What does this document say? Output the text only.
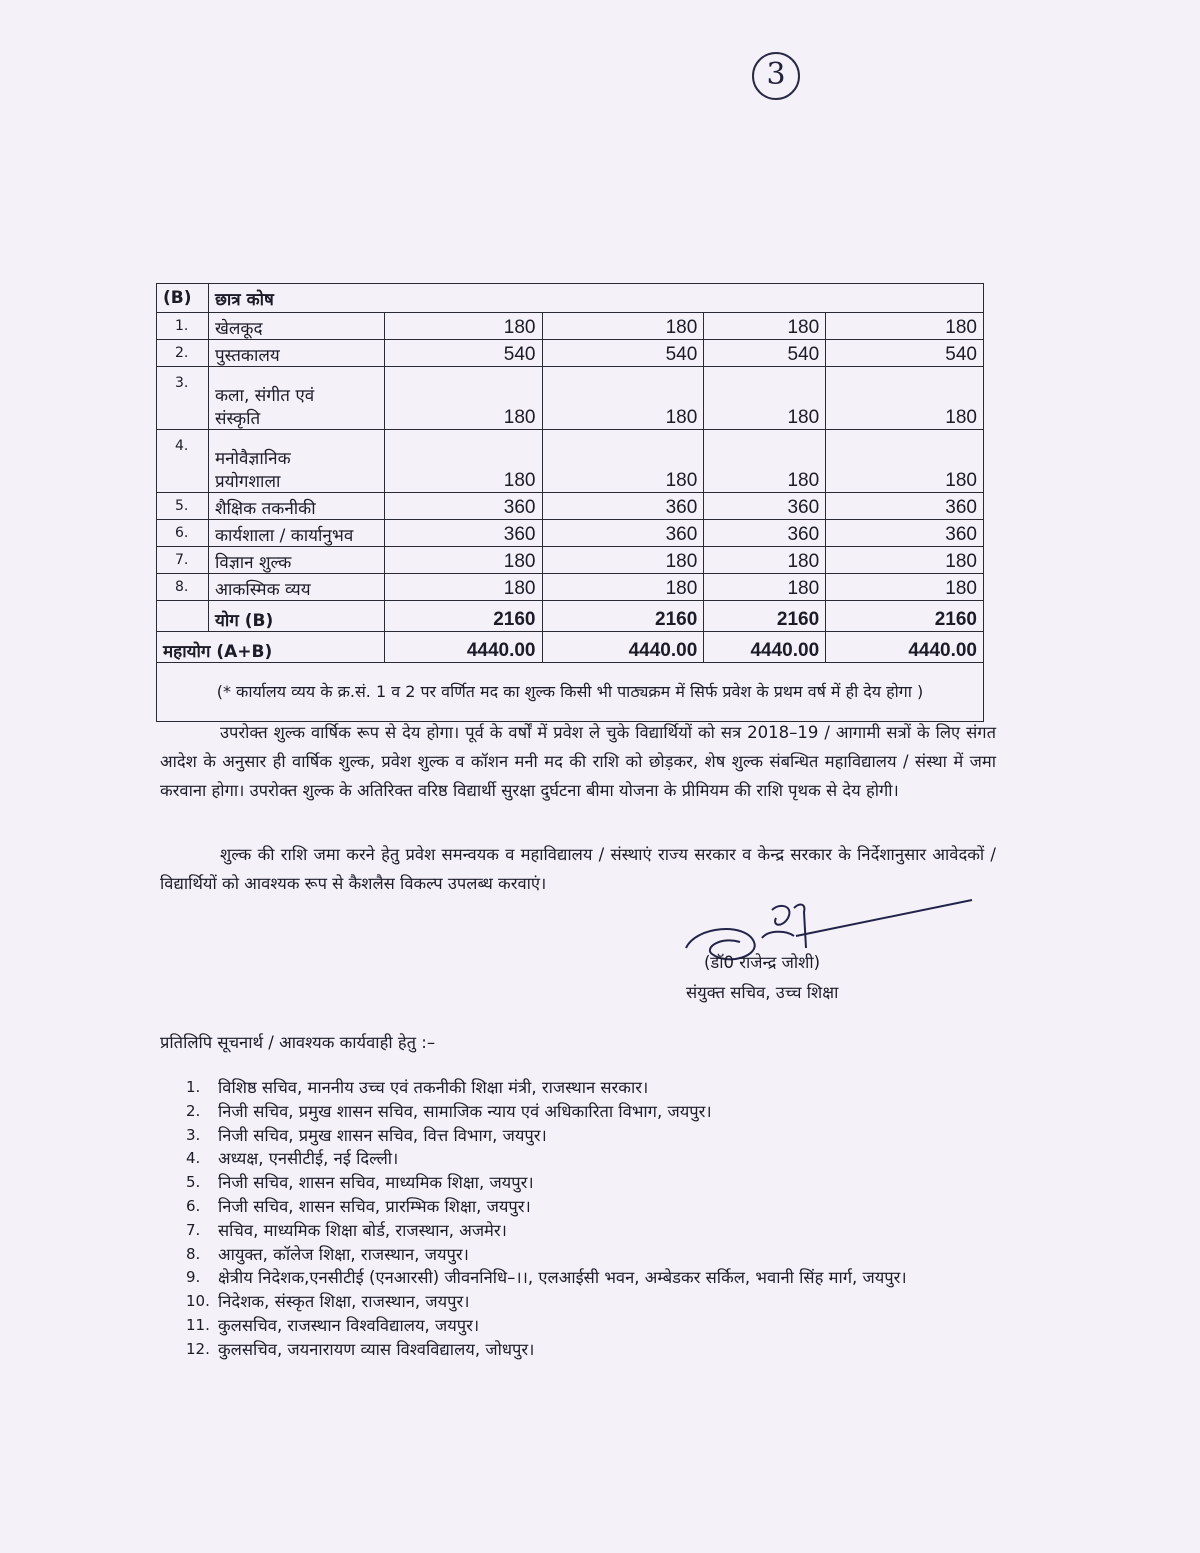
3
(B)	छात्र कोष				
1.	खेलकूद	180	180	180	180
2.	पुस्तकालय	540	540	540	540
3.	कला, संगीत एवं
संस्कृति	180	180	180	180
4.	मनोवैज्ञानिक
प्रयोगशाला	180	180	180	180
5.	शैक्षिक तकनीकी	360	360	360	360
6.	कार्यशाला / कार्यानुभव	360	360	360	360
7.	विज्ञान शुल्क	180	180	180	180
8.	आकस्मिक व्यय	180	180	180	180
	योग (B)	2160	2160	2160	2160
महायोग (A+B)		4440.00	4440.00	4440.00	4440.00
(* कार्यालय व्यय के क्र.सं. 1 व 2 पर वर्णित मद का शुल्क किसी भी पाठ्यक्रम में सिर्फ प्रवेश के प्रथम वर्ष में ही देय होगा )					

उपरोक्त शुल्क वार्षिक रूप से देय होगा। पूर्व के वर्षों में प्रवेश ले चुके विद्यार्थियों को सत्र 2018–19 / आगामी सत्रों के लिए संगत आदेश के अनुसार ही वार्षिक शुल्क, प्रवेश शुल्क व कॉशन मनी मद की राशि को छोड़कर, शेष शुल्क संबन्धित महाविद्यालय / संस्था में जमा करवाना होगा। उपरोक्त शुल्क के अतिरिक्त वरिष्ठ विद्यार्थी सुरक्षा दुर्घटना बीमा योजना के प्रीमियम की राशि पृथक से देय होगी।

शुल्क की राशि जमा करने हेतु प्रवेश समन्वयक व महाविद्यालय / संस्थाएं राज्य सरकार व केन्द्र सरकार के निर्देशानुसार आवेदकों / विद्यार्थियों को आवश्यक रूप से कैशलैस विकल्प उपलब्ध करवाएं।

(डॉ0 राजेन्द्र जोशी)
संयुक्त सचिव, उच्च शिक्षा
प्रतिलिपि सूचनार्थ / आवश्यक कार्यवाही हेतु :–
1.	विशिष्ठ सचिव, माननीय उच्च एवं तकनीकी शिक्षा मंत्री, राजस्थान सरकार।
2.	निजी सचिव, प्रमुख शासन सचिव, सामाजिक न्याय एवं अधिकारिता विभाग, जयपुर।
3.	निजी सचिव, प्रमुख शासन सचिव, वित्त विभाग, जयपुर।
4.	अध्यक्ष, एनसीटीई, नई दिल्ली।
5.	निजी सचिव, शासन सचिव, माध्यमिक शिक्षा, जयपुर।
6.	निजी सचिव, शासन सचिव, प्रारम्भिक शिक्षा, जयपुर।
7.	सचिव, माध्यमिक शिक्षा बोर्ड, राजस्थान, अजमेर।
8.	आयुक्त, कॉलेज शिक्षा, राजस्थान, जयपुर।
9.	क्षेत्रीय निदेशक,एनसीटीई (एनआरसी) जीवननिधि–।।, एलआईसी भवन, अम्बेडकर सर्किल, भवानी सिंह मार्ग, जयपुर।
10. निदेशक, संस्कृत शिक्षा, राजस्थान, जयपुर।
11. कुलसचिव, राजस्थान विश्वविद्यालय, जयपुर।
12. कुलसचिव, जयनारायण व्यास विश्वविद्यालय, जोधपुर।
